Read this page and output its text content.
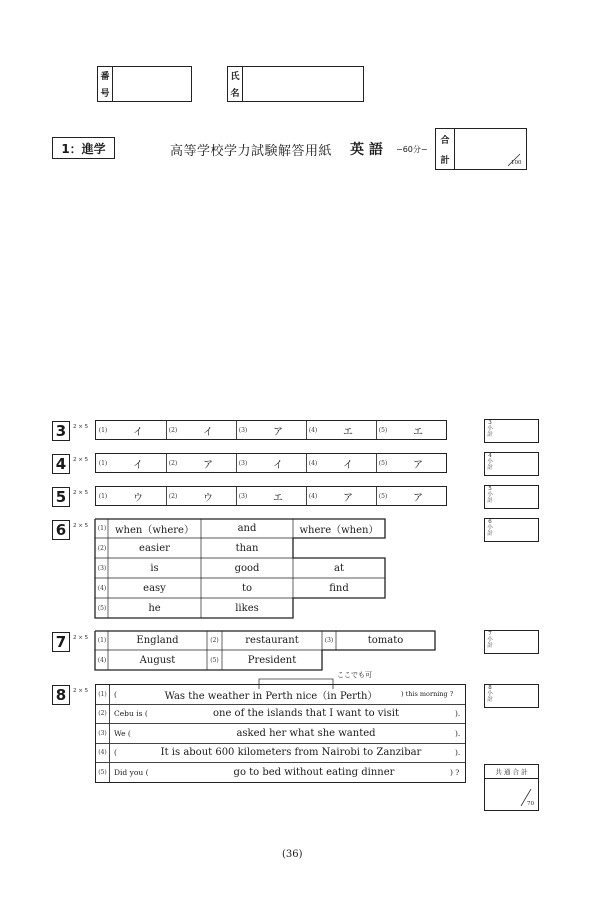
番
号
氏
名
1：進学	高等学校学力試験解答用紙 英 語 −60分−
合
計	100
3	2 × 5	(1)	イ	(2)	イ	(3)	ア	(4)	エ	(5)	エ
3
小
計
4	2 × 5	(1)	イ	(2)	ア	(3)	イ	(4)	イ	(5)	ア
4
小
計
5	2 × 5	(1)	ウ	(2)	ウ	(3)	エ	(4)	ア	(5)	ア
5
小
計
6	2 × 5	(1) when（where）	and	where（when）
(2)	easier	than
(3)	is	good	at
(4)	easy	to	find
(5)	he	likes
6
小
計
7	2 × 5	(1)	England	(2)	restaurant	(3)	tomato
(4)	August	(5)	President
7
小
計
ここでも可
8	2 × 5	(1) (	Was the weather in Perth nice（in Perth）	) this morning ?
(2) Cebu is (	one of the islands that I want to visit	).
(3) We (	asked her what she wanted	).
(4) (	It is about 600 kilometers from Nairobi to Zanzibar	).
(5) Did you (	go to bed without eating dinner	) ?
8
小
計
共 通 合 計
70
(36)
